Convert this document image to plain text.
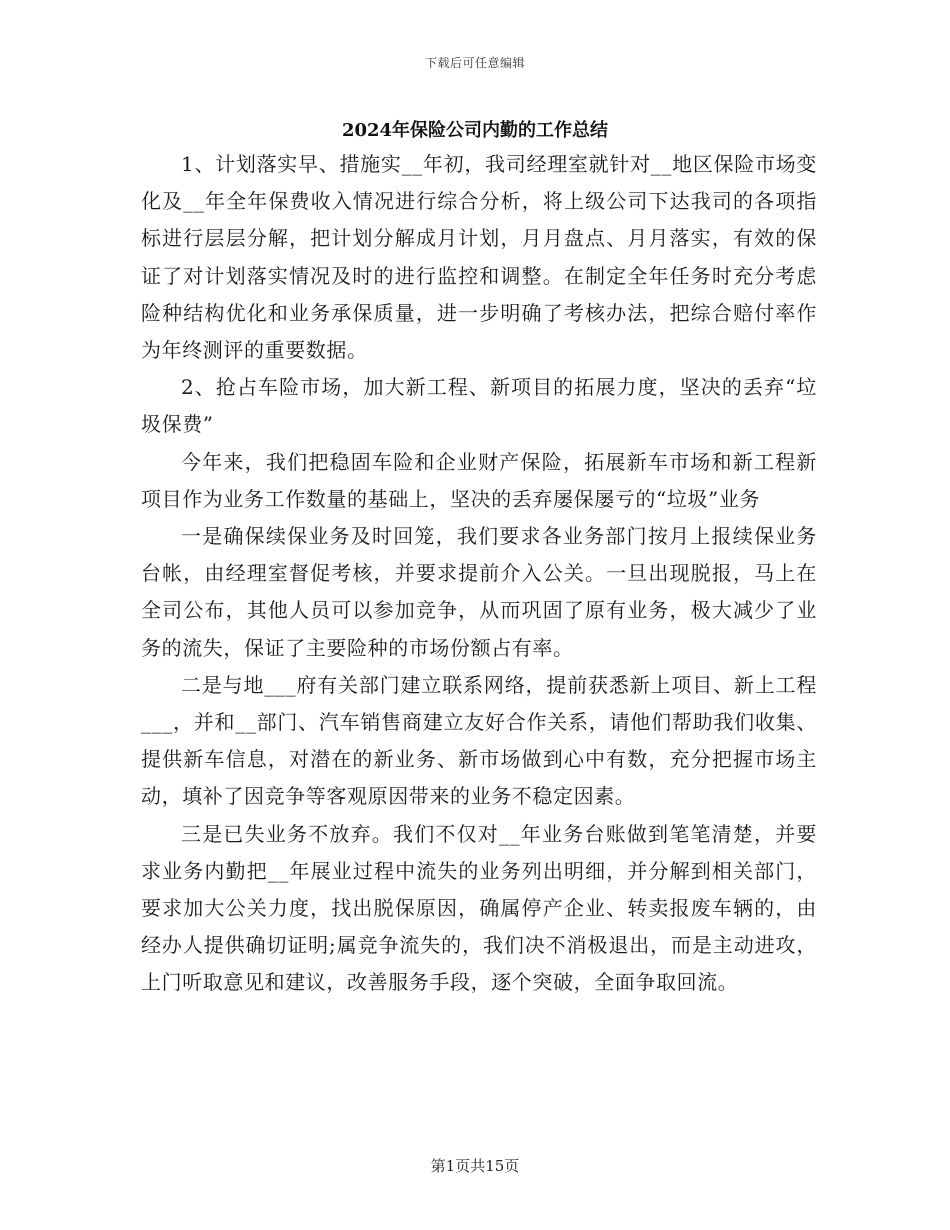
下载后可任意编辑
2024年保险公司内勤的工作总结

1、计划落实早、措施实__年初，我司经理室就针对__地区保险市场变化及__年全年保费收入情况进行综合分析，将上级公司下达我司的各项指标进行层层分解，把计划分解成月计划，月月盘点、月月落实，有效的保证了对计划落实情况及时的进行监控和调整。在制定全年任务时充分考虑险种结构优化和业务承保质量，进一步明确了考核办法，把综合赔付率作为年终测评的重要数据。

2、抢占车险市场，加大新工程、新项目的拓展力度，坚决的丢弃“垃圾保费”

今年来，我们把稳固车险和企业财产保险，拓展新车市场和新工程新项目作为业务工作数量的基础上，坚决的丢弃屡保屡亏的“垃圾”业务

一是确保续保业务及时回笼，我们要求各业务部门按月上报续保业务台帐，由经理室督促考核，并要求提前介入公关。一旦出现脱报，马上在全司公布，其他人员可以参加竞争，从而巩固了原有业务，极大减少了业务的流失，保证了主要险种的市场份额占有率。

二是与地___府有关部门建立联系网络，提前获悉新上项目、新上工程___，并和__部门、汽车销售商建立友好合作关系，请他们帮助我们收集、提供新车信息，对潜在的新业务、新市场做到心中有数，充分把握市场主动，填补了因竞争等客观原因带来的业务不稳定因素。

三是已失业务不放弃。我们不仅对__年业务台账做到笔笔清楚，并要求业务内勤把__年展业过程中流失的业务列出明细，并分解到相关部门，要求加大公关力度，找出脱保原因，确属停产企业、转卖报废车辆的，由经办人提供确切证明;属竞争流失的，我们决不消极退出，而是主动进攻，上门听取意见和建议，改善服务手段，逐个突破，全面争取回流。

第1页共15页
